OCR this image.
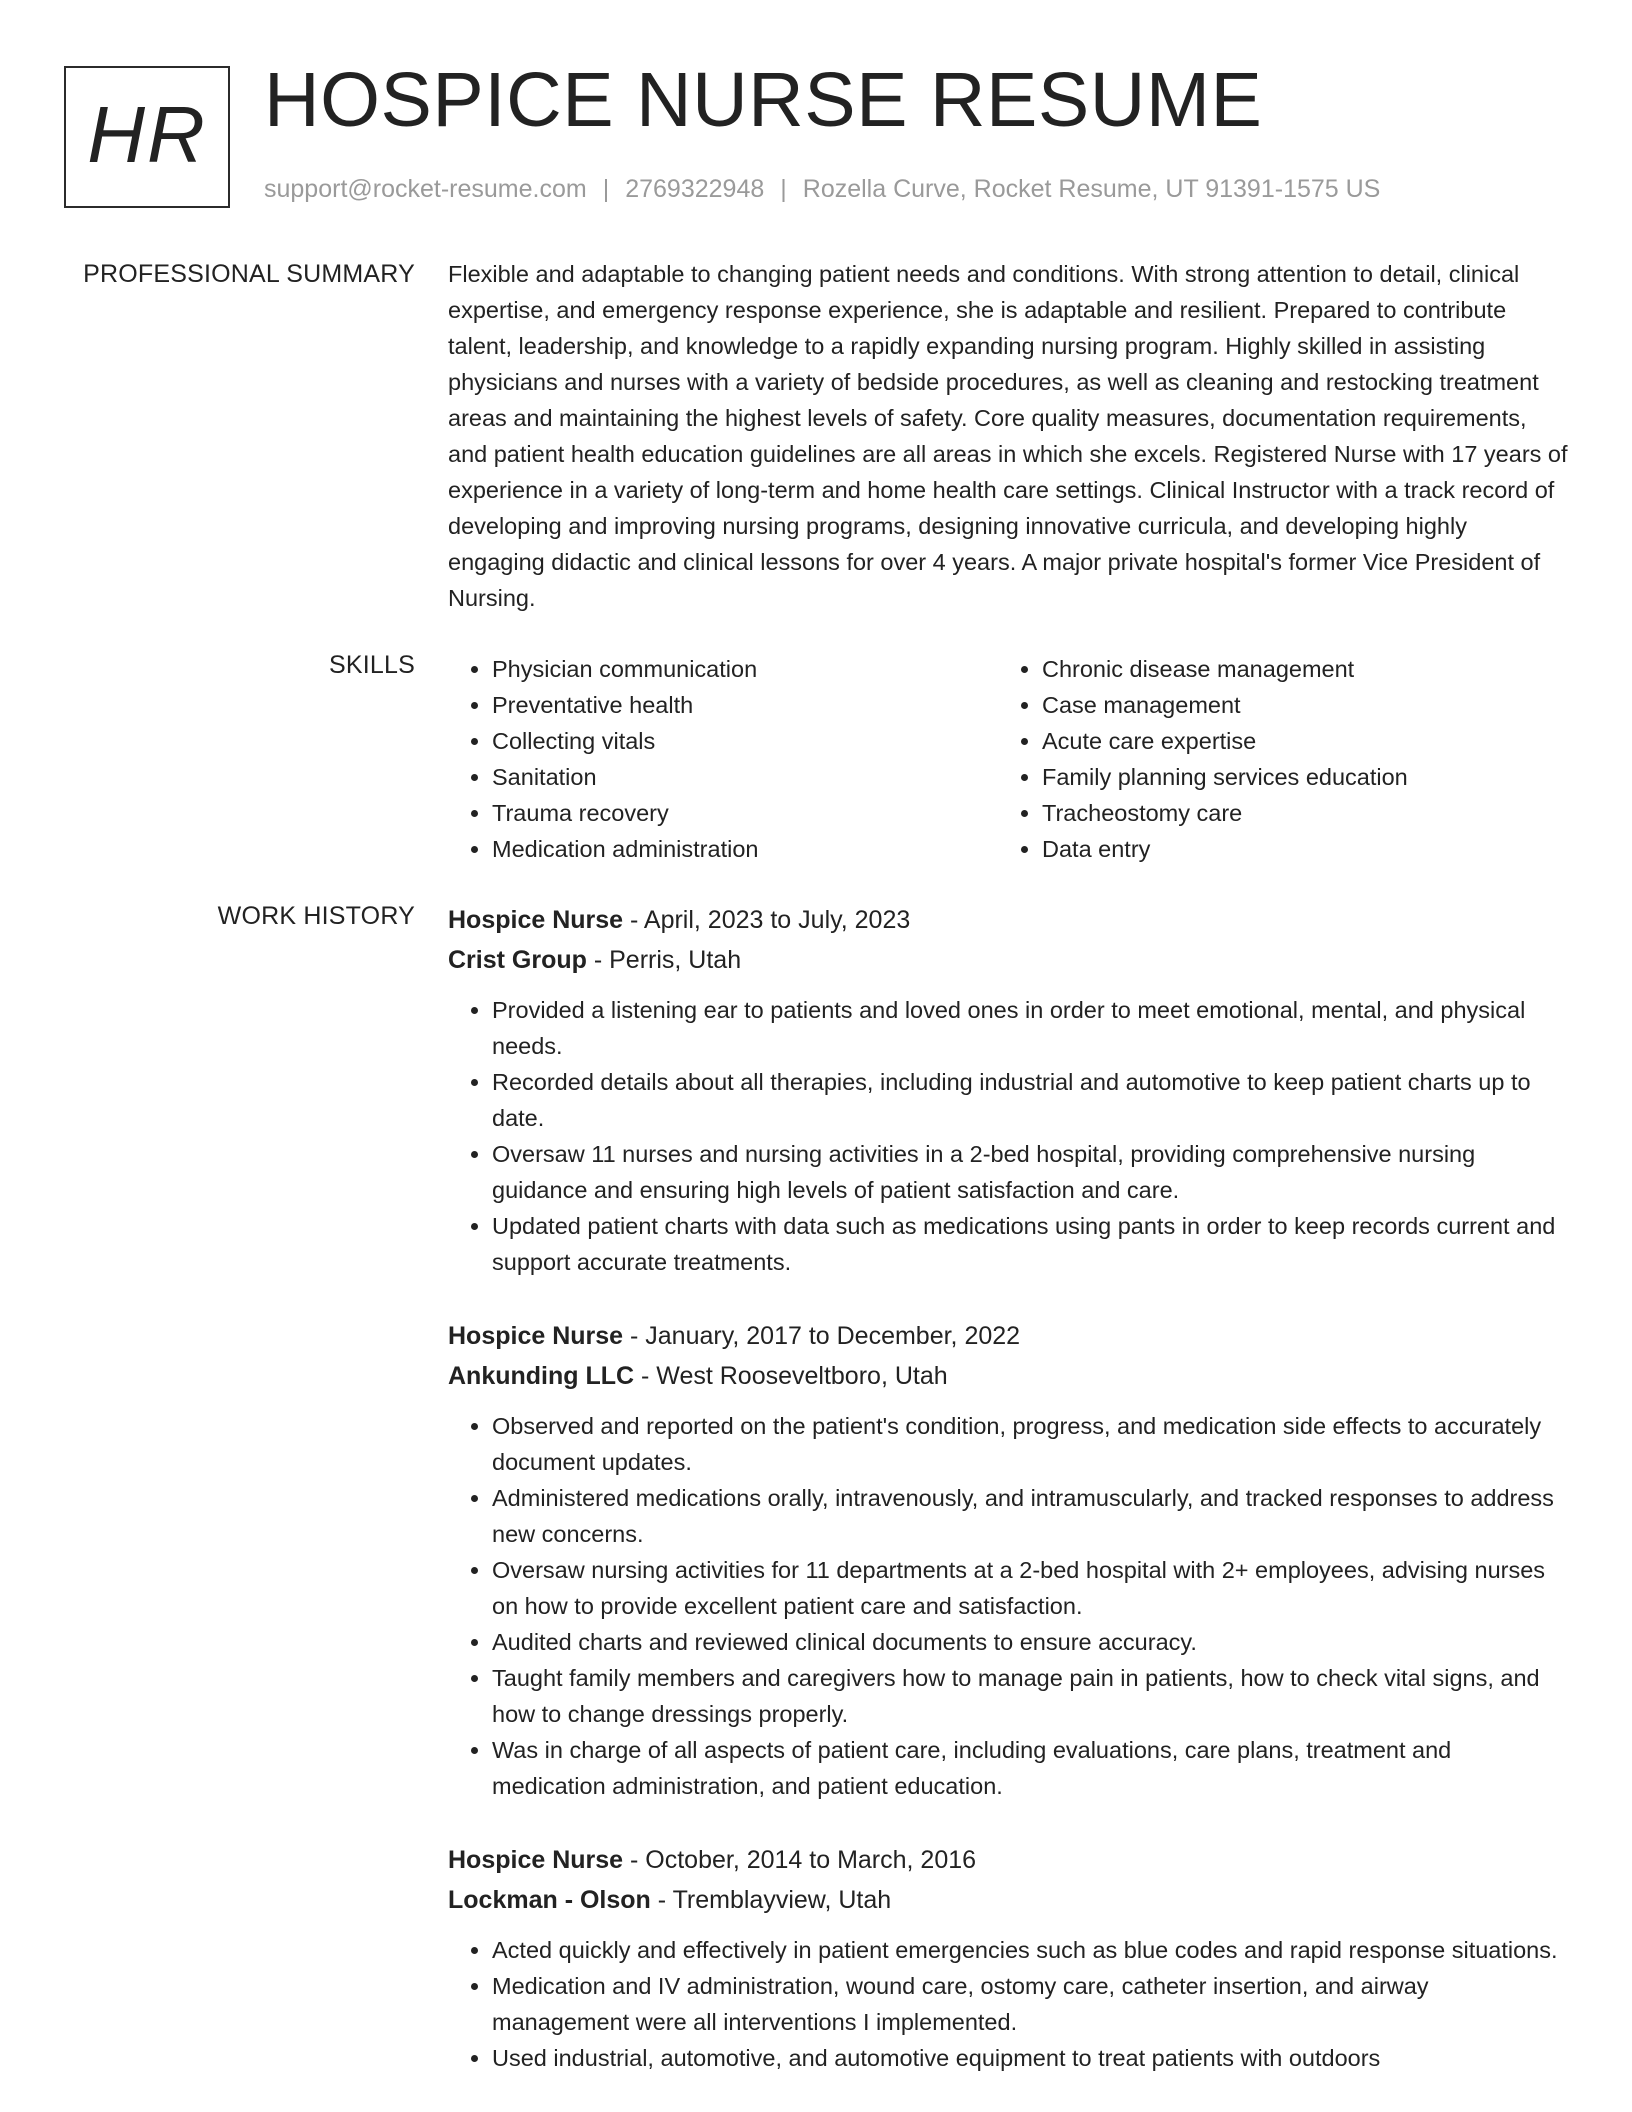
HR HOSPICE NURSE RESUME
support@rocket-resume.com | 2769322948 | Rozella Curve, Rocket Resume, UT 91391-1575 US
PROFESSIONAL SUMMARY Flexible and adaptable to changing patient needs and conditions. With strong attention to detail, clinical expertise, and emergency response experience, she is adaptable and resilient. Prepared to contribute talent, leadership, and knowledge to a rapidly expanding nursing program. Highly skilled in assisting physicians and nurses with a variety of bedside procedures, as well as cleaning and restocking treatment areas and maintaining the highest levels of safety. Core quality measures, documentation requirements, and patient health education guidelines are all areas in which she excels. Registered Nurse with 17 years of experience in a variety of long-term and home health care settings. Clinical Instructor with a track record of developing and improving nursing programs, designing innovative curricula, and developing highly engaging didactic and clinical lessons for over 4 years. A major private hospital's former Vice President of Nursing.

SKILLS
•	Physician communication
• Preventative health
• Collecting vitals
• Sanitation
• Trauma recovery
• Medication administration
• Chronic disease management
• Case management
• Acute care expertise
• Family planning services education
• Tracheostomy care
• Data entry
WORK HISTORY Hospice Nurse - April, 2023 to July, 2023

Crist Group - Perris, Utah

• Provided a listening ear to patients and loved ones in order to meet emotional, mental, and physical needs.
• Recorded details about all therapies, including industrial and automotive to keep patient charts up to date.
• Oversaw 11 nurses and nursing activities in a 2-bed hospital, providing comprehensive nursing guidance and ensuring high levels of patient satisfaction and care.
• Updated patient charts with data such as medications using pants in order to keep records current and support accurate treatments.

Hospice Nurse - January, 2017 to December, 2022

Ankunding LLC - West Rooseveltboro, Utah

• Observed and reported on the patient's condition, progress, and medication side effects to accurately document updates.
• Administered medications orally, intravenously, and intramuscularly, and tracked responses to address new concerns.
• Oversaw nursing activities for 11 departments at a 2-bed hospital with 2+ employees, advising nurses on how to provide excellent patient care and satisfaction.
• Audited charts and reviewed clinical documents to ensure accuracy.
• Taught family members and caregivers how to manage pain in patients, how to check vital signs, and how to change dressings properly.
• Was in charge of all aspects of patient care, including evaluations, care plans, treatment and medication administration, and patient education.

Hospice Nurse - October, 2014 to March, 2016

Lockman - Olson - Tremblayview, Utah

• Acted quickly and effectively in patient emergencies such as blue codes and rapid response situations.
• Medication and IV administration, wound care, ostomy care, catheter insertion, and airway management were all interventions I implemented.
• Used industrial, automotive, and automotive equipment to treat patients with outdoors
